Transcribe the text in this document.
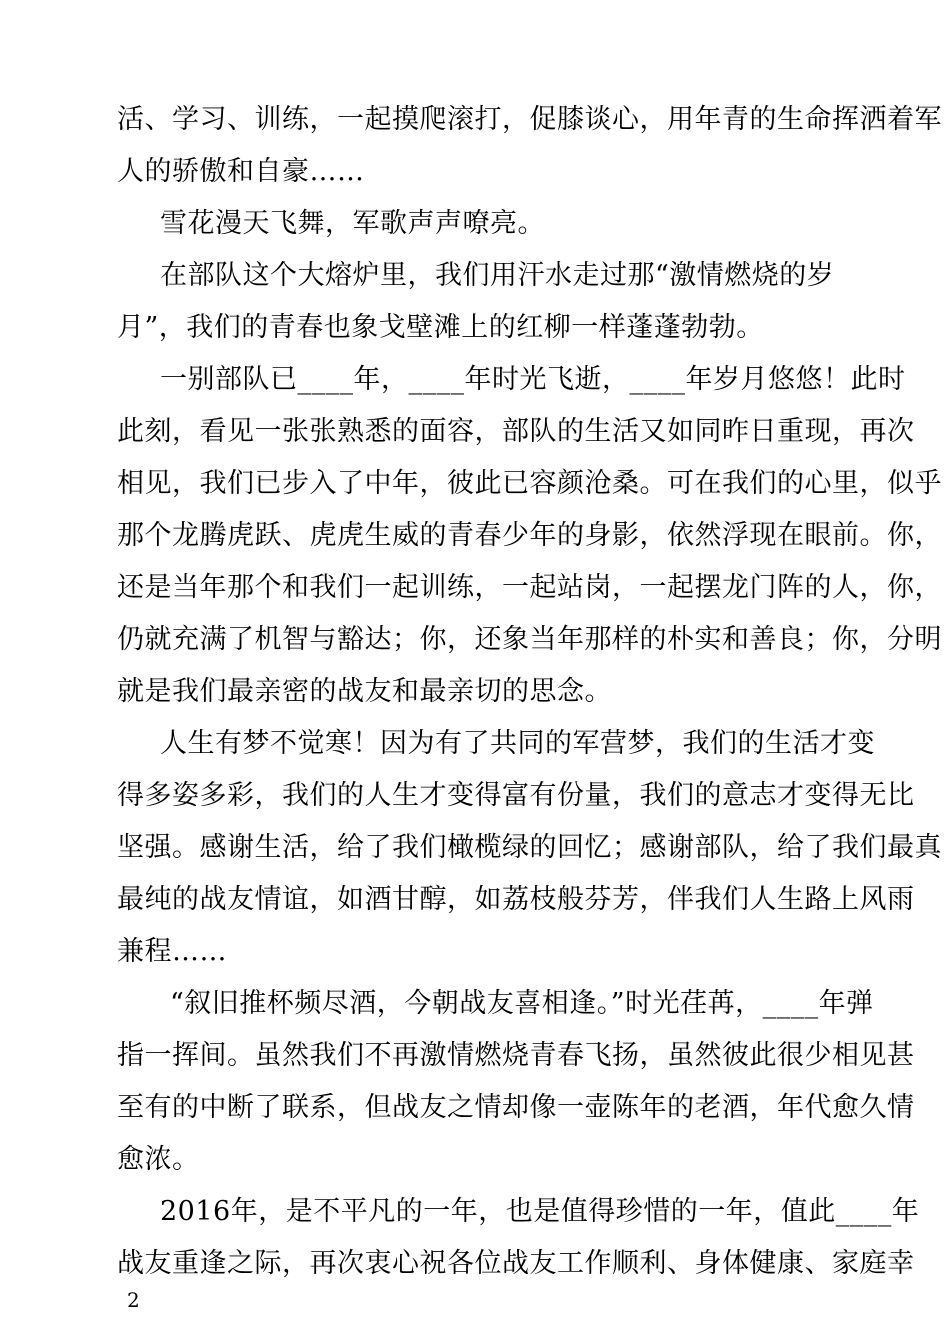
活、学习、训练，一起摸爬滚打，促膝谈心，用年青的生命挥洒着军
人的骄傲和自豪……
雪花漫天飞舞，军歌声声嘹亮。
在部队这个大熔炉里，我们用汗水走过那“激情燃烧的岁
月”，我们的青春也象戈壁滩上的红柳一样蓬蓬勃勃。
一别部队已____年，____年时光飞逝，____年岁月悠悠！此时
此刻，看见一张张熟悉的面容，部队的生活又如同昨日重现，再次
相见，我们已步入了中年，彼此已容颜沧桑。可在我们的心里，似乎
那个龙腾虎跃、虎虎生威的青春少年的身影，依然浮现在眼前。你，
还是当年那个和我们一起训练，一起站岗，一起摆龙门阵的人，你，
仍就充满了机智与豁达；你，还象当年那样的朴实和善良；你，分明
就是我们最亲密的战友和最亲切的思念。
人生有梦不觉寒！因为有了共同的军营梦，我们的生活才变
得多姿多彩，我们的人生才变得富有份量，我们的意志才变得无比
坚强。感谢生活，给了我们橄榄绿的回忆；感谢部队，给了我们最真
最纯的战友情谊，如酒甘醇，如荔枝般芬芳，伴我们人生路上风雨
兼程……
“叙旧推杯频尽酒，今朝战友喜相逢。”时光荏苒，____年弹
指一挥间。虽然我们不再激情燃烧青春飞扬，虽然彼此很少相见甚
至有的中断了联系，但战友之情却像一壶陈年的老酒，年代愈久情
愈浓。
2016年，是不平凡的一年，也是值得珍惜的一年，值此____年
战友重逢之际，再次衷心祝各位战友工作顺利、身体健康、家庭幸
2
